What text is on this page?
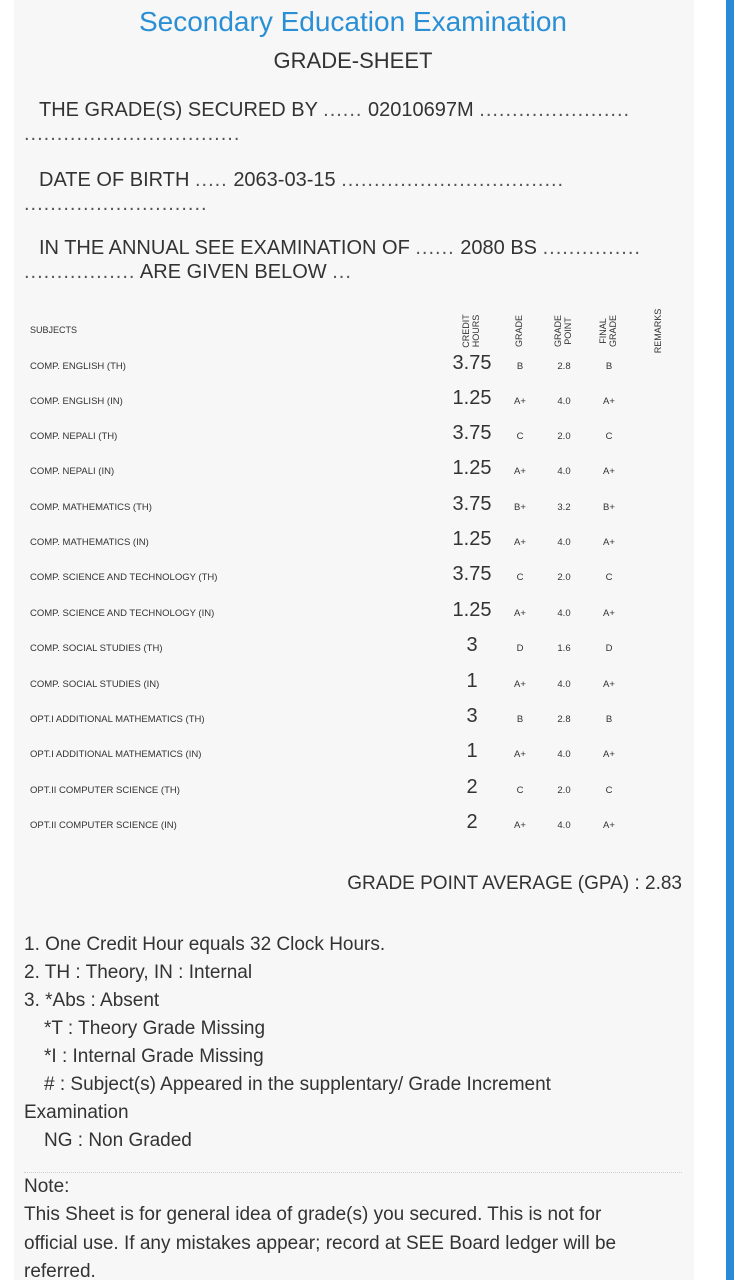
Secondary Education Examination
GRADE-SHEET
THE GRADE(S) SECURED BY ...... 02010697M .......................
.................................
DATE OF BIRTH ..... 2063-03-15 ..................................
............................
IN THE ANNUAL SEE EXAMINATION OF ...... 2080 BS ...............
................. ARE GIVEN BELOW ...
SUBJECTS	CREDIT HOURS	GRADE	GRADE POINT	FINAL GRADE	REMARKS
COMP. ENGLISH (TH)	3.75	B	2.8	B
COMP. ENGLISH (IN)	1.25	A+	4.0	A+
COMP. NEPALI (TH)	3.75	C	2.0	C
COMP. NEPALI (IN)	1.25	A+	4.0	A+
COMP. MATHEMATICS (TH)	3.75	B+	3.2	B+
COMP. MATHEMATICS (IN)	1.25	A+	4.0	A+
COMP. SCIENCE AND TECHNOLOGY (TH)	3.75	C	2.0	C
COMP. SCIENCE AND TECHNOLOGY (IN)	1.25	A+	4.0	A+
COMP. SOCIAL STUDIES (TH)	3	D	1.6	D
COMP. SOCIAL STUDIES (IN)	1	A+	4.0	A+
OPT.I ADDITIONAL MATHEMATICS (TH)	3	B	2.8	B
OPT.I ADDITIONAL MATHEMATICS (IN)	1	A+	4.0	A+
OPT.II COMPUTER SCIENCE (TH)	2	C	2.0	C
OPT.II COMPUTER SCIENCE (IN)	2	A+	4.0	A+
GRADE POINT AVERAGE (GPA) : 2.83
1. One Credit Hour equals 32 Clock Hours.
2. TH : Theory, IN : Internal
3. *Abs : Absent
*T : Theory Grade Missing
*I : Internal Grade Missing
# : Subject(s) Appeared in the supplentary/ Grade Increment
Examination
NG : Non Graded
Note:
This Sheet is for general idea of grade(s) you secured. This is not for
official use. If any mistakes appear; record at SEE Board ledger will be
referred.
